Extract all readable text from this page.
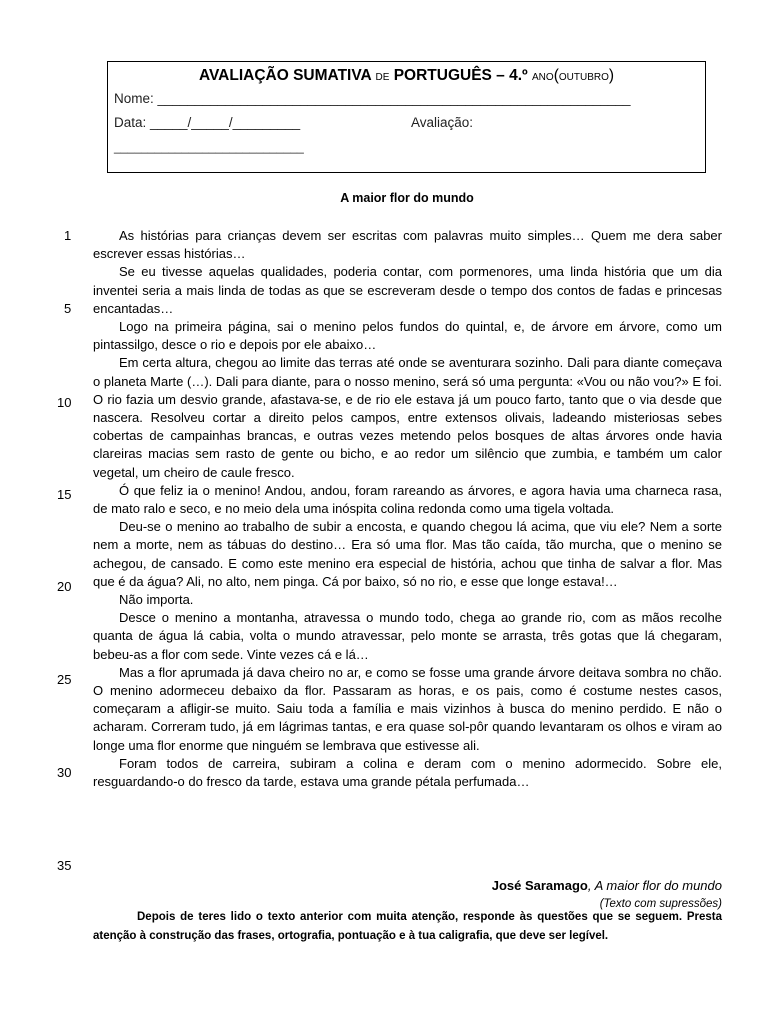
AVALIAÇÃO SUMATIVA de PORTUGUÊS – 4.º ano(outubro)
Nome: _______________________________________________________________
Data: _____/_____/_________	Avaliação:
____________________________
A maior flor do mundo
1
5
10
15
20
25
30
35

As histórias para crianças devem ser escritas com palavras muito simples… Quem me dera saber escrever essas histórias…

Se eu tivesse aquelas qualidades, poderia contar, com pormenores, uma linda história que um dia inventei seria a mais linda de todas as que se escreveram desde o tempo dos contos de fadas e princesas encantadas…

Logo na primeira página, sai o menino pelos fundos do quintal, e, de árvore em árvore, como um pintassilgo, desce o rio e depois por ele abaixo…

Em certa altura, chegou ao limite das terras até onde se aventurara sozinho. Dali para diante começava o planeta Marte (…). Dali para diante, para o nosso menino, será só uma pergunta: «Vou ou não vou?» E foi. O rio fazia um desvio grande, afastava-se, e de rio ele estava já um pouco farto, tanto que o via desde que nascera. Resolveu cortar a direito pelos campos, entre extensos olivais, ladeando misteriosas sebes cobertas de campainhas brancas, e outras vezes metendo pelos bosques de altas árvores onde havia clareiras macias sem rasto de gente ou bicho, e ao redor um silêncio que zumbia, e também um calor vegetal, um cheiro de caule fresco.

Ó que feliz ia o menino! Andou, andou, foram rareando as árvores, e agora havia uma charneca rasa, de mato ralo e seco, e no meio dela uma inóspita colina redonda como uma tigela voltada.

Deu-se o menino ao trabalho de subir a encosta, e quando chegou lá acima, que viu ele? Nem a sorte nem a morte, nem as tábuas do destino… Era só uma flor. Mas tão caída, tão murcha, que o menino se achegou, de cansado. E como este menino era especial de história, achou que tinha de salvar a flor. Mas que é da água? Ali, no alto, nem pinga. Cá por baixo, só no rio, e esse que longe estava!…

Não importa.

Desce o menino a montanha, atravessa o mundo todo, chega ao grande rio, com as mãos recolhe quanta de água lá cabia, volta o mundo atravessar, pelo monte se arrasta, três gotas que lá chegaram, bebeu-as a flor com sede. Vinte vezes cá e lá…

Mas a flor aprumada já dava cheiro no ar, e como se fosse uma grande árvore deitava sombra no chão. O menino adormeceu debaixo da flor. Passaram as horas, e os pais, como é costume nestes casos, começaram a afligir-se muito. Saiu toda a família e mais vizinhos à busca do menino perdido. E não o acharam. Correram tudo, já em lágrimas tantas, e era quase sol-pôr quando levantaram os olhos e viram ao longe uma flor enorme que ninguém se lembrava que estivesse ali.

Foram todos de carreira, subiram a colina e deram com o menino adormecido. Sobre ele, resguardando-o do fresco da tarde, estava uma grande pétala perfumada…

José Saramago, A maior flor do mundo
(Texto com supressões)
Depois de teres lido o texto anterior com muita atenção, responde às questões que se seguem. Presta atenção à construção das frases, ortografia, pontuação e à tua caligrafia, que deve ser legível.
